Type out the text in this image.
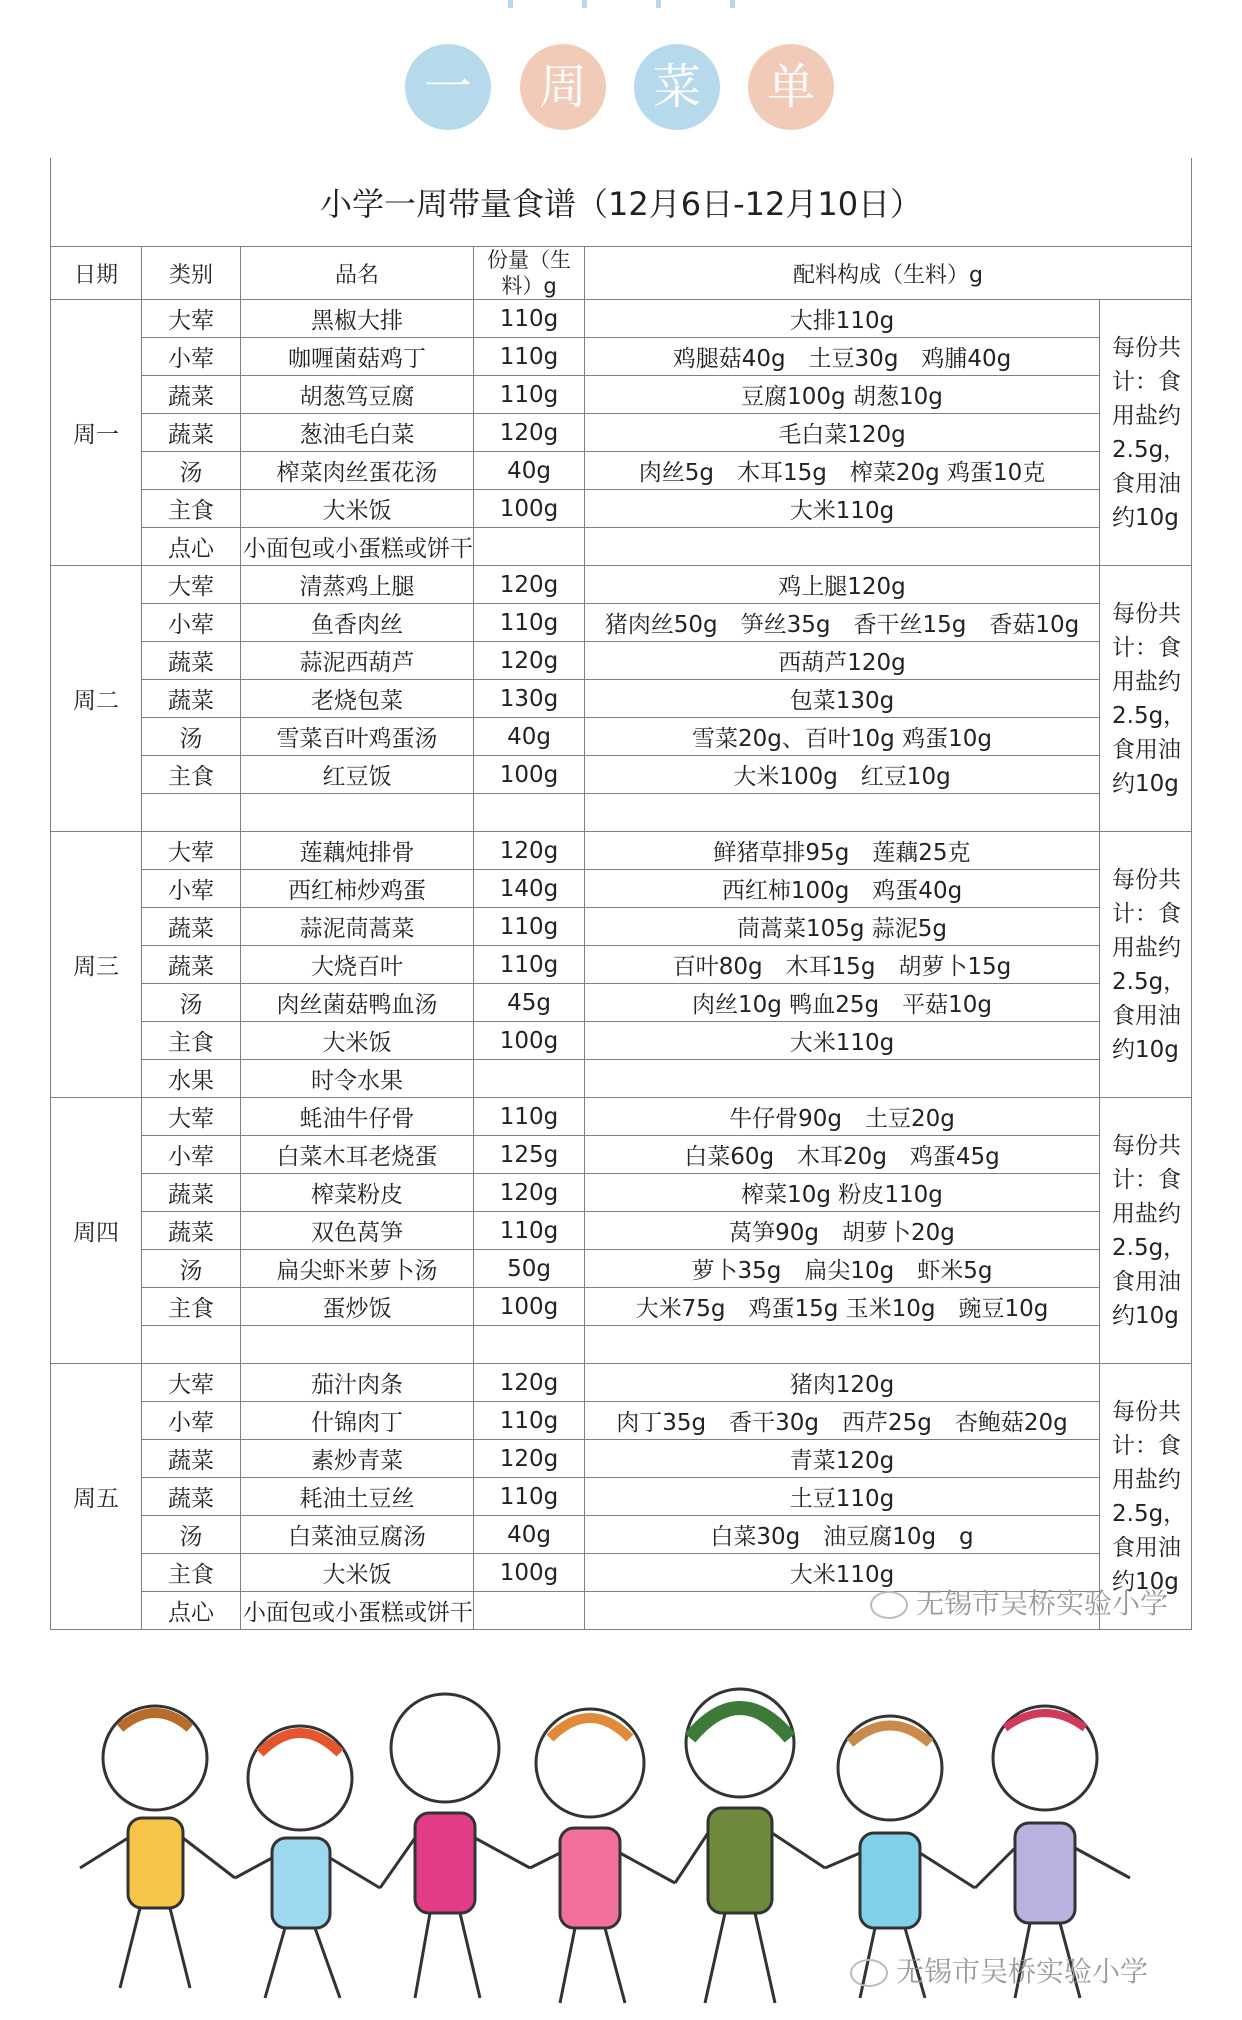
一	周	菜	单
小学一周带量食谱（12月6日-12月10日）					
日期	类别	品名	份量（生料）g	配料构成（生料）g	
周一	大荤	黑椒大排	110g	大排110g	每份共计：食用盐约2.5g，食用油约10g
	小荤	咖喱菌菇鸡丁	110g	鸡腿菇40g　土豆30g　鸡脯40g	
	蔬菜	胡葱笃豆腐	110g	豆腐100g 胡葱10g	
	蔬菜	葱油毛白菜	120g	毛白菜120g	
	汤	榨菜肉丝蛋花汤	40g	肉丝5g　木耳15g　榨菜20g 鸡蛋10克	
	主食	大米饭	100g	大米110g	
	点心	小面包或小蛋糕或饼干			
周二	大荤	清蒸鸡上腿	120g	鸡上腿120g	每份共计：食用盐约2.5g，食用油约10g
	小荤	鱼香肉丝	110g	猪肉丝50g　笋丝35g　香干丝15g　香菇10g	
	蔬菜	蒜泥西葫芦	120g	西葫芦120g	
	蔬菜	老烧包菜	130g	包菜130g	
	汤	雪菜百叶鸡蛋汤	40g	雪菜20g、百叶10g 鸡蛋10g	
	主食	红豆饭	100g	大米100g　红豆10g	

周三	大荤	莲藕炖排骨	120g	鲜猪草排95g　莲藕25克	每份共计：食用盐约2.5g，食用油约10g
	小荤	西红柿炒鸡蛋	140g	西红柿100g　鸡蛋40g	
	蔬菜	蒜泥茼蒿菜	110g	茼蒿菜105g 蒜泥5g	
	蔬菜	大烧百叶	110g	百叶80g　木耳15g　胡萝卜15g	
	汤	肉丝菌菇鸭血汤	45g	肉丝10g 鸭血25g　平菇10g	
	主食	大米饭	100g	大米110g	
	水果	时令水果			
周四	大荤	蚝油牛仔骨	110g	牛仔骨90g　土豆20g	每份共计：食用盐约2.5g，食用油约10g
	小荤	白菜木耳老烧蛋	125g	白菜60g　木耳20g　鸡蛋45g	
	蔬菜	榨菜粉皮	120g	榨菜10g 粉皮110g	
	蔬菜	双色莴笋	110g	莴笋90g　胡萝卜20g	
	汤	扁尖虾米萝卜汤	50g	萝卜35g　扁尖10g　虾米5g	
	主食	蛋炒饭	100g	大米75g　鸡蛋15g 玉米10g　豌豆10g	

周五	大荤	茄汁肉条	120g	猪肉120g	每份共计：食用盐约2.5g，食用油约10g
	小荤	什锦肉丁	110g	肉丁35g　香干30g　西芹25g　杏鲍菇20g	
	蔬菜	素炒青菜	120g	青菜120g	
	蔬菜	耗油土豆丝	110g	土豆110g	
	汤	白菜油豆腐汤	40g	白菜30g　油豆腐10g　g	
	主食	大米饭	100g	大米110g	
	点心	小面包或小蛋糕或饼干				无锡市吴桥实验小学
无锡市吴桥实验小学
